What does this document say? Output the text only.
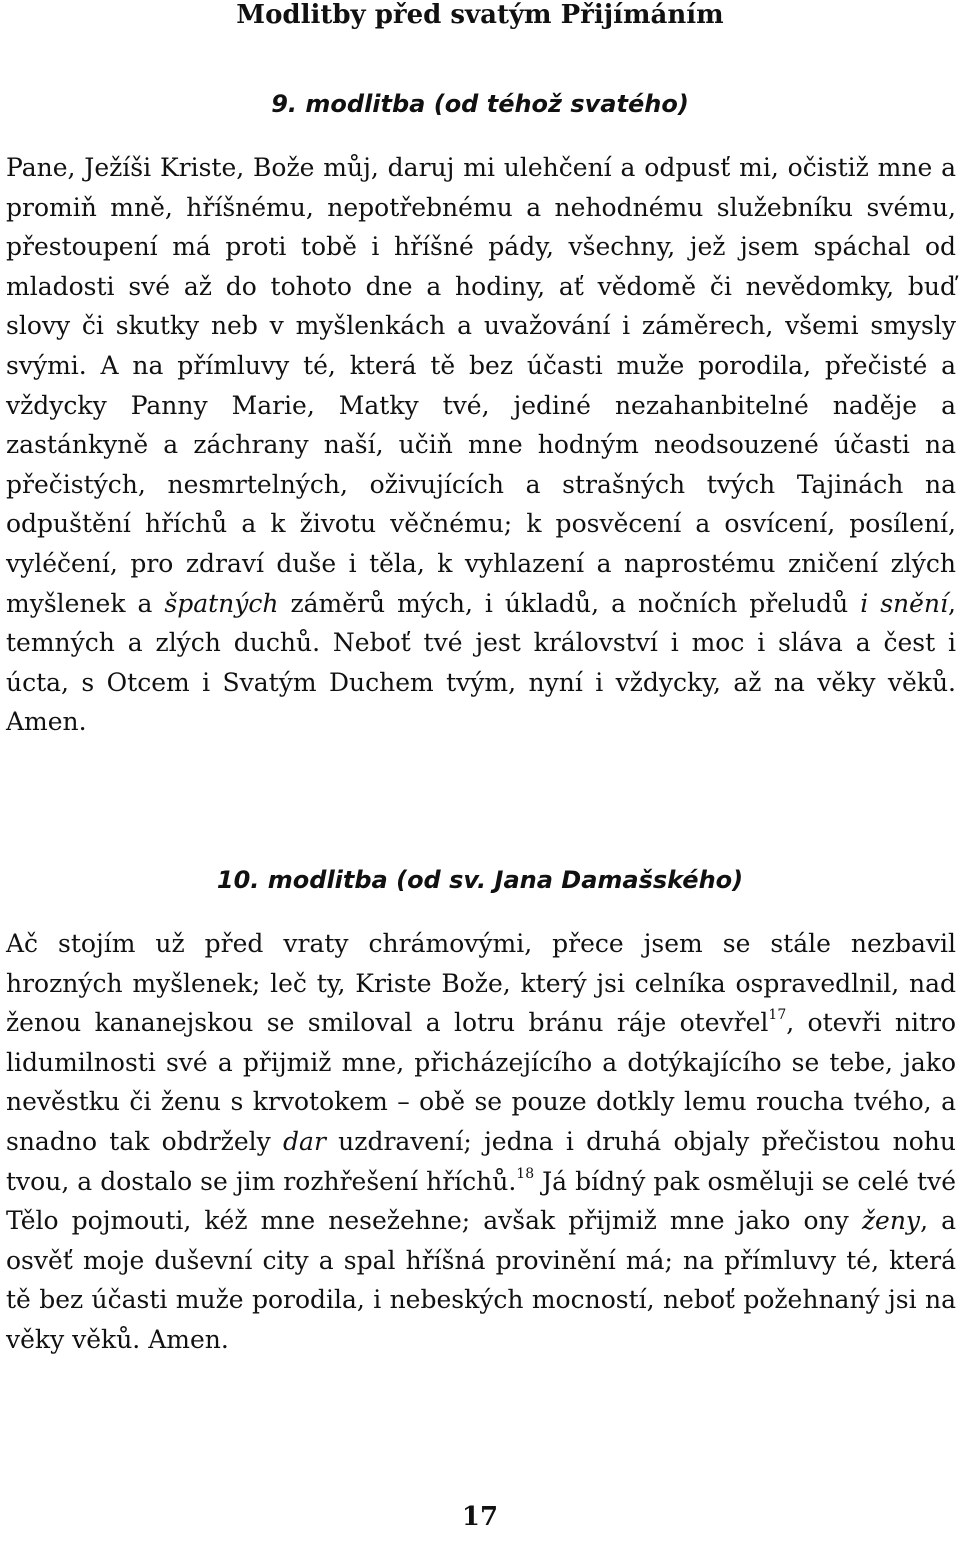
Modlitby před svatým Přijímáním
9. modlitba (od téhož svatého)

Pane, Ježíši Kriste, Bože můj, daruj mi ulehčení a odpusť mi, očistiž mne a promiň mně, hříšnému, nepotřebnému a nehodnému služebníku svému, přestoupení má proti tobě i hříšné pády, všechny, jež jsem spáchal od mladosti své až do tohoto dne a hodiny, ať vědomě či nevědomky, buď slovy či skutky neb v myšlenkách a uvažování i záměrech, všemi smysly svými. A na přímluvy té, která tě bez účasti muže porodila, přečisté a vždycky Panny Marie, Matky tvé, jediné nezahanbitelné naděje a zastánkyně a záchrany naší, učiň mne hodným neodsouzené účasti na přečistých, nesmrtelných, oživujících a strašných tvých Tajinách na odpuštění hříchů a k životu věčnému; k posvěcení a osvícení, posílení, vyléčení, pro zdraví duše i těla, k vyhlazení a naprostému zničení zlých myšlenek a špatných záměrů mých, i úkladů, a nočních přeludů i snění, temných a zlých duchů. Neboť tvé jest království i moc i sláva a čest i úcta, s Otcem i Svatým Duchem tvým, nyní i vždycky, až na věky věků. Amen.

10. modlitba (od sv. Jana Damašského)

Ač stojím už před vraty chrámovými, přece jsem se stále nezbavil hrozných myšlenek; leč ty, Kriste Bože, který jsi celníka ospravedlnil, nad ženou kananejskou se smiloval a lotru bránu ráje otevřel$^{17}$, otevři nitro lidumilnosti své a přijmiž mne, přicházejícího a dotýkajícího se tebe, jako nevěstku či ženu s krvotokem – obě se pouze dotkly lemu roucha tvého, a snadno tak obdržely dar uzdravení; jedna i druhá objaly přečistou nohu tvou, a dostalo se jim rozhřešení hříchů.$^{18}$ Já bídný pak osměluji se celé tvé Tělo pojmouti, kéž mne nesežehne; avšak přijmiž mne jako ony ženy, a osvěť moje duševní city a spal hříšná provinění má; na přímluvy té, která tě bez účasti muže porodila, i nebeských mocností, neboť požehnaný jsi na věky věků. Amen.

17
